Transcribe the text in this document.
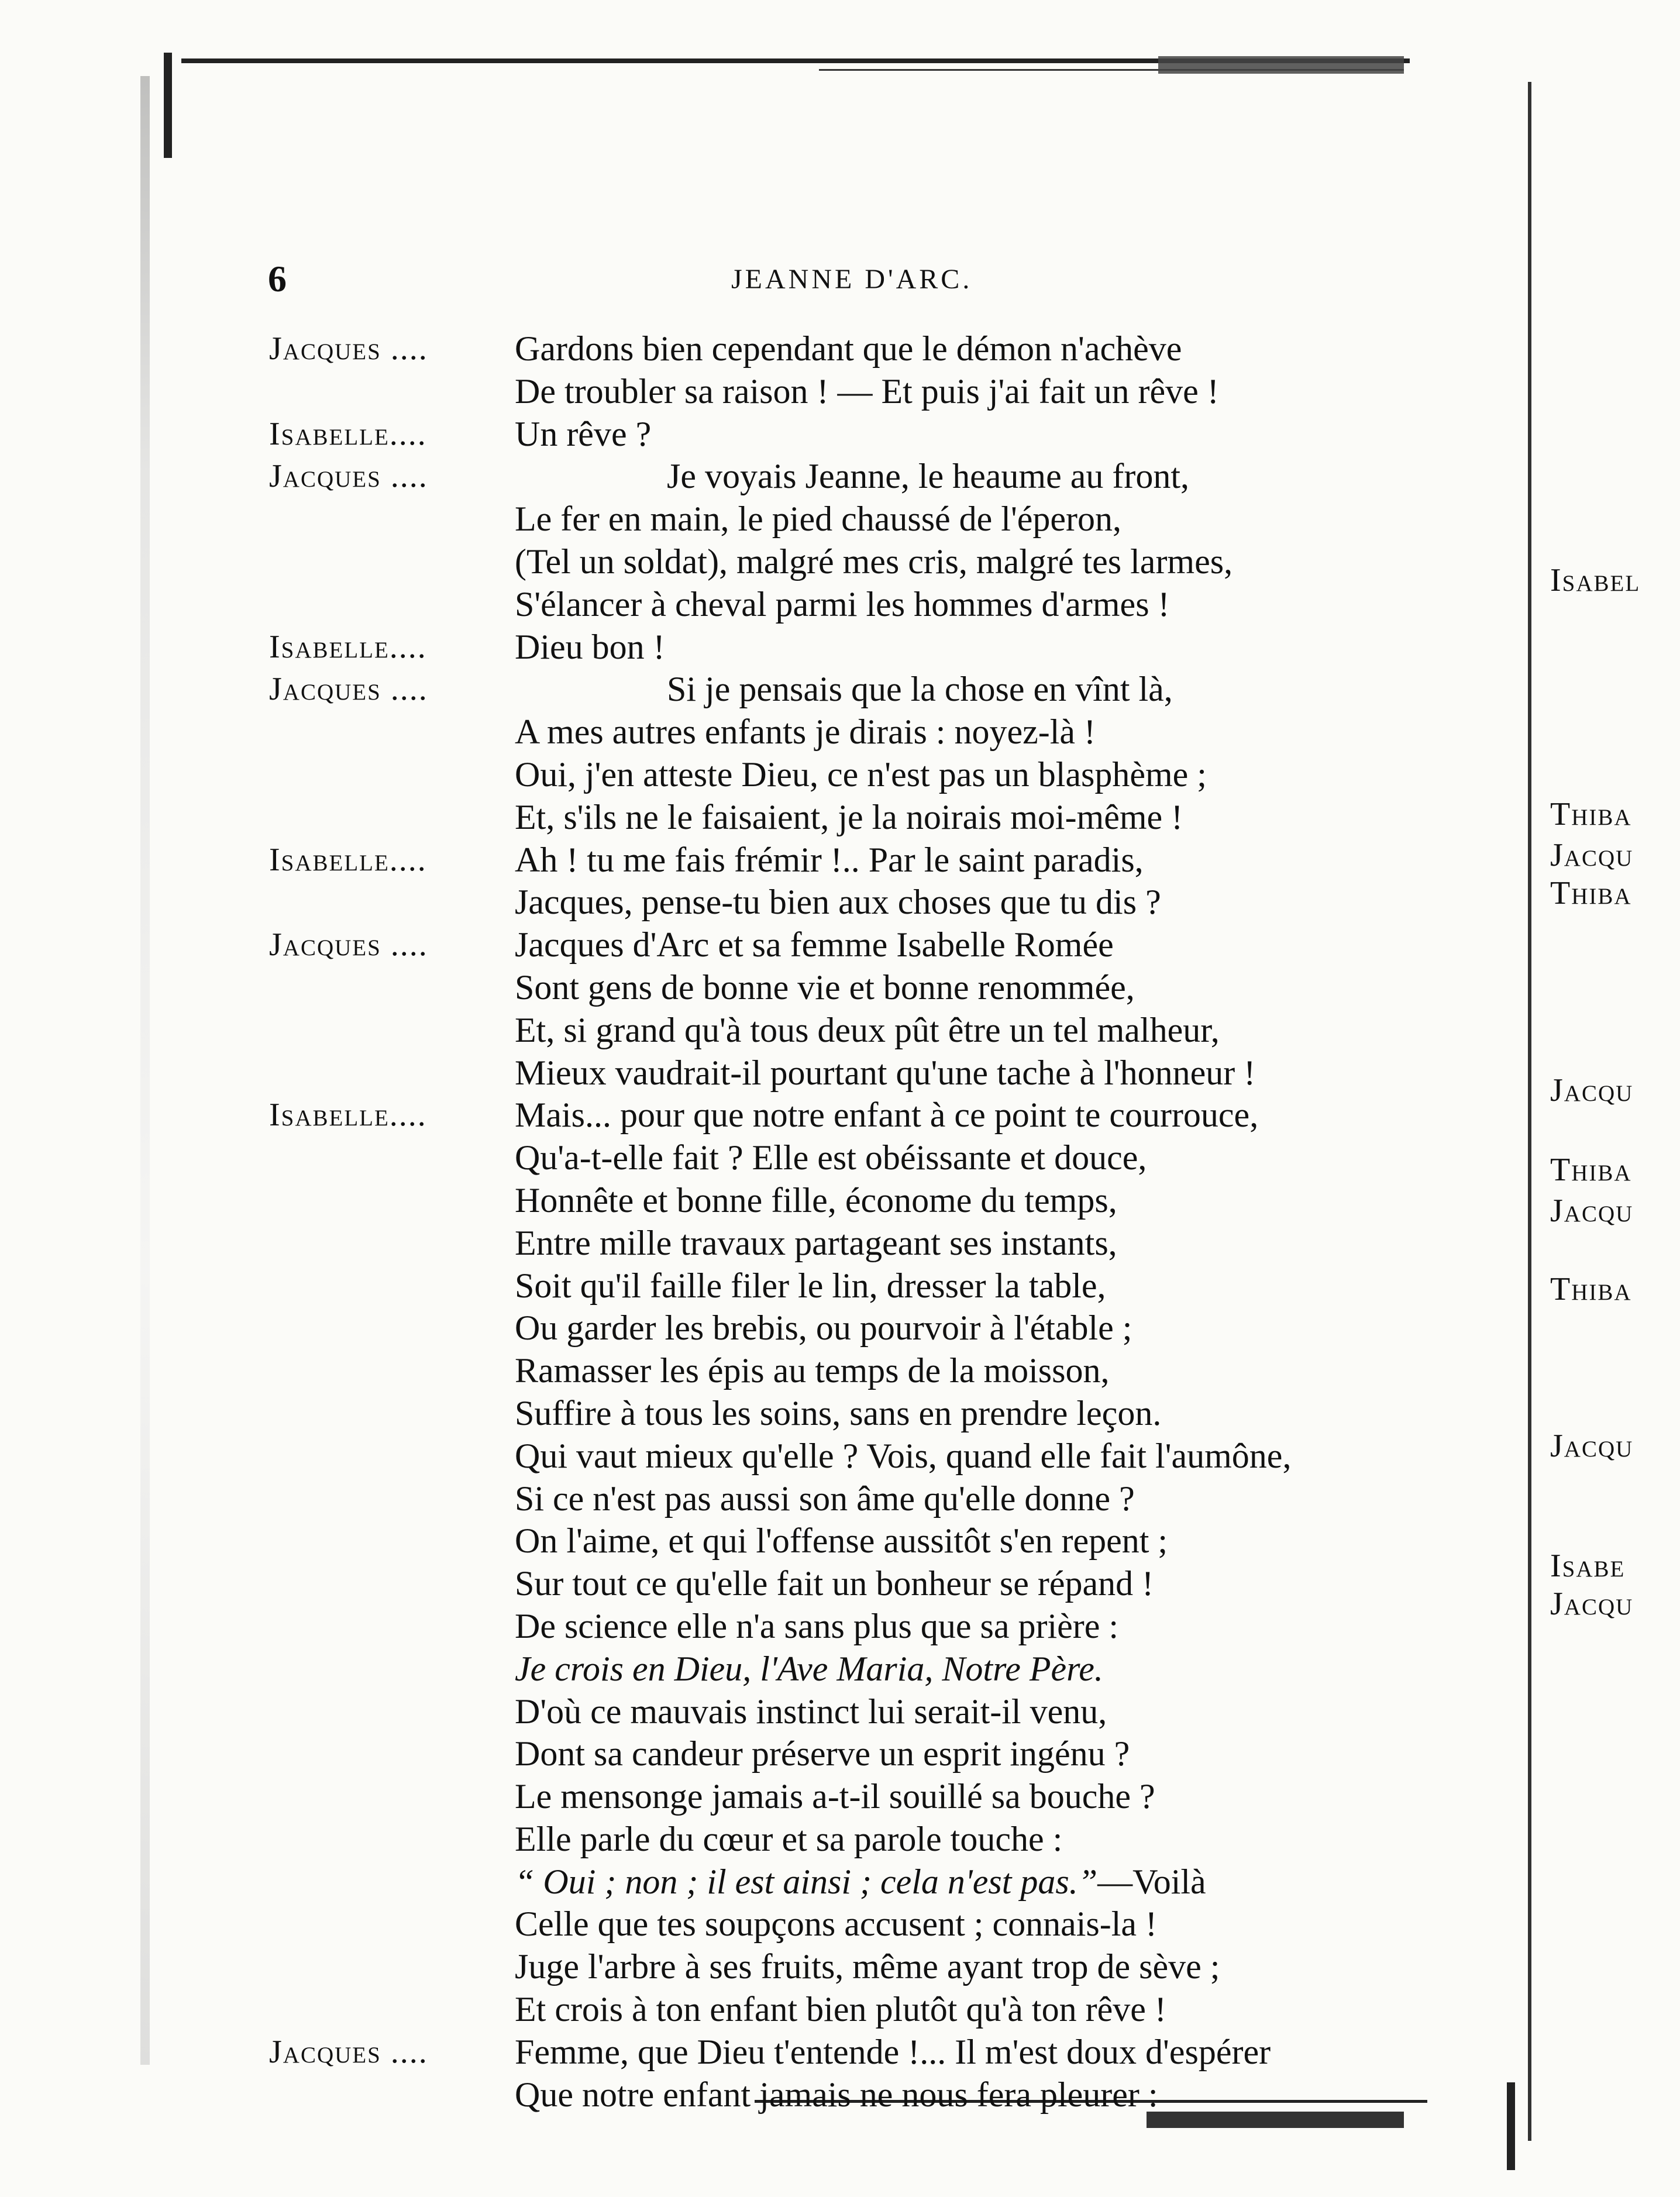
6	JEANNE D'ARC.
Jacques ....	Gardons bien cependant que le démon n'achève
De troubler sa raison ! — Et puis j'ai fait un rêve !
Isabelle....	Un rêve ?
Jacques ....	Je voyais Jeanne, le heaume au front,
Le fer en main, le pied chaussé de l'éperon,
(Tel un soldat), malgré mes cris, malgré tes larmes,
S'élancer à cheval parmi les hommes d'armes !
Isabelle....	Dieu bon !
Jacques ....	Si je pensais que la chose en vînt là,
A mes autres enfants je dirais : noyez-là !
Oui, j'en atteste Dieu, ce n'est pas un blasphème ;
Et, s'ils ne le faisaient, je la noirais moi-même !
Isabelle....	Ah ! tu me fais frémir !.. Par le saint paradis,
Jacques, pense-tu bien aux choses que tu dis ?
Jacques ....	Jacques d'Arc et sa femme Isabelle Romée
Sont gens de bonne vie et bonne renommée,
Et, si grand qu'à tous deux pût être un tel malheur,
Mieux vaudrait-il pourtant qu'une tache à l'honneur !
Isabelle....	Mais... pour que notre enfant à ce point te courrouce,
Qu'a-t-elle fait ? Elle est obéissante et douce,
Honnête et bonne fille, économe du temps,
Entre mille travaux partageant ses instants,
Soit qu'il faille filer le lin, dresser la table,
Ou garder les brebis, ou pourvoir à l'étable ;
Ramasser les épis au temps de la moisson,
Suffire à tous les soins, sans en prendre leçon.
Qui vaut mieux qu'elle ? Vois, quand elle fait l'aumône,
Si ce n'est pas aussi son âme qu'elle donne ?
On l'aime, et qui l'offense aussitôt s'en repent ;
Sur tout ce qu'elle fait un bonheur se répand !
De science elle n'a sans plus que sa prière :
Je crois en Dieu, l'Ave Maria, Notre Père.
D'où ce mauvais instinct lui serait-il venu,
Dont sa candeur préserve un esprit ingénu ?
Le mensonge jamais a-t-il souillé sa bouche ?
Elle parle du cœur et sa parole touche :
“ Oui ; non ; il est ainsi ; cela n'est pas.”—Voilà
Celle que tes soupçons accusent ; connais-la !
Juge l'arbre à ses fruits, même ayant trop de sève ;
Et crois à ton enfant bien plutôt qu'à ton rêve !
Jacques ....	Femme, que Dieu t'entende !... Il m'est doux d'espérer
Que notre enfant jamais ne nous fera pleurer :
Isabel
Thiba
Jacqu
Thiba
Jacqu
Thiba
Jacqu
Thiba
Jacqu
Isabe
Jacqu
